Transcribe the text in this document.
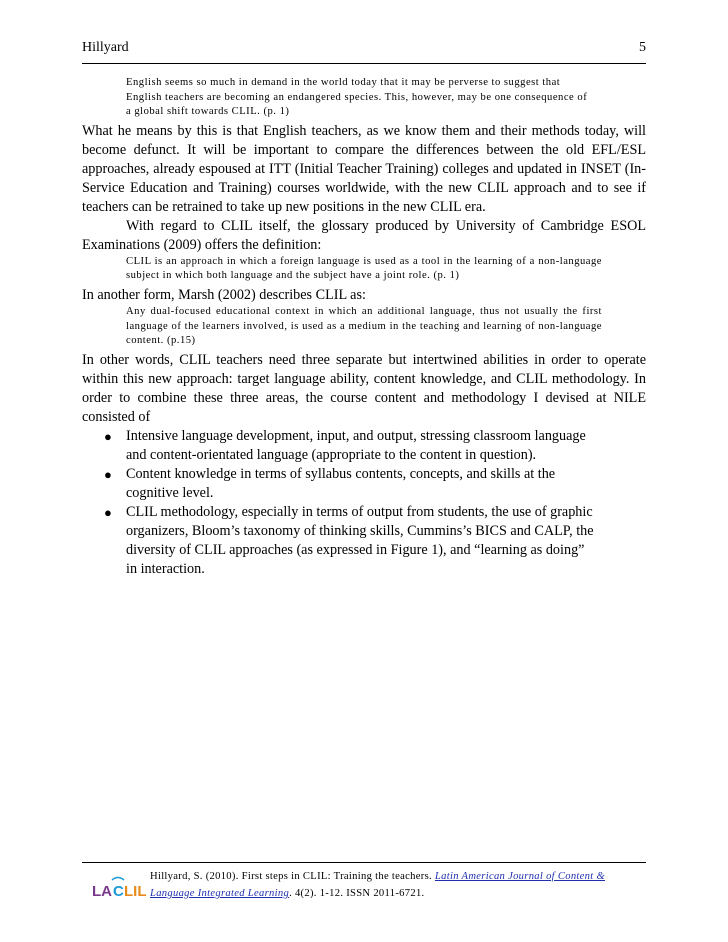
Hillyard	5
English seems so much in demand in the world today that it may be perverse to suggest that
English teachers are becoming an endangered species. This, however, may be one consequence of
a global shift towards CLIL. (p. 1)

What he means by this is that English teachers, as we know them and their methods today, will become defunct. It will be important to compare the differences between the old EFL/ESL approaches, already espoused at ITT (Initial Teacher Training) colleges and updated in INSET (In-Service Education and Training) courses worldwide, with the new CLIL approach and to see if teachers can be retrained to take up new positions in the new CLIL era.

With regard to CLIL itself, the glossary produced by University of Cambridge ESOL Examinations (2009) offers the definition:

CLIL is an approach in which a foreign language is used as a tool in the learning of a non-language subject in which both language and the subject have a joint role. (p. 1)

In another form, Marsh (2002) describes CLIL as:

Any dual-focused educational context in which an additional language, thus not usually the first language of the learners involved, is used as a medium in the teaching and learning of non-language content. (p.15)

In other words, CLIL teachers need three separate but intertwined abilities in order to operate within this new approach: target language ability, content knowledge, and CLIL methodology. In order to combine these three areas, the course content and methodology I devised at NILE consisted of

● Intensive language development, input, and output, stressing classroom language and content-orientated language (appropriate to the content in question).
● Content knowledge in terms of syllabus contents, concepts, and skills at the cognitive level.
● CLIL methodology, especially in terms of output from students, the use of graphic organizers, Bloom’s taxonomy of thinking skills, Cummins’s BICS and CALP, the diversity of CLIL approaches (as expressed in Figure 1), and “learning as doing” in interaction.
LA C LIL
Hillyard, S. (2010). First steps in CLIL: Training the teachers. Latin American Journal of Content & Language Integrated Learning. 4(2). 1-12. ISSN 2011-6721.
